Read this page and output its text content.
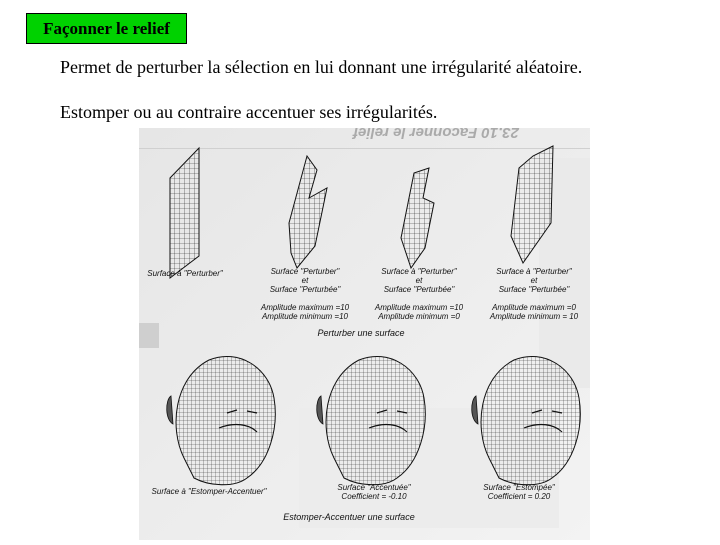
Façonner le relief
Permet de perturber la sélection en lui donnant une irrégularité aléatoire.
Estomper ou au contraire accentuer ses irrégularités.
23.10 Façonner le relief
Surface à "Perturber"	Surface "Perturber"
et
Surface "Perturbée"
Surface à "Perturber"
et
Surface "Perturbée"
Surface à "Perturber"
et
Surface "Perturbée"
Amplitude maximum =10
Amplitude minimum =10
Amplitude maximum =10
Amplitude minimum =0
Amplitude maximum =0
Amplitude minimum = 10
Perturber une surface
Surface à "Estomper-Accentuer"	Surface "Accentuée"
Coefficient = -0.10
Surface "Estompée"
Coefficient = 0.20
Estomper-Accentuer une surface
